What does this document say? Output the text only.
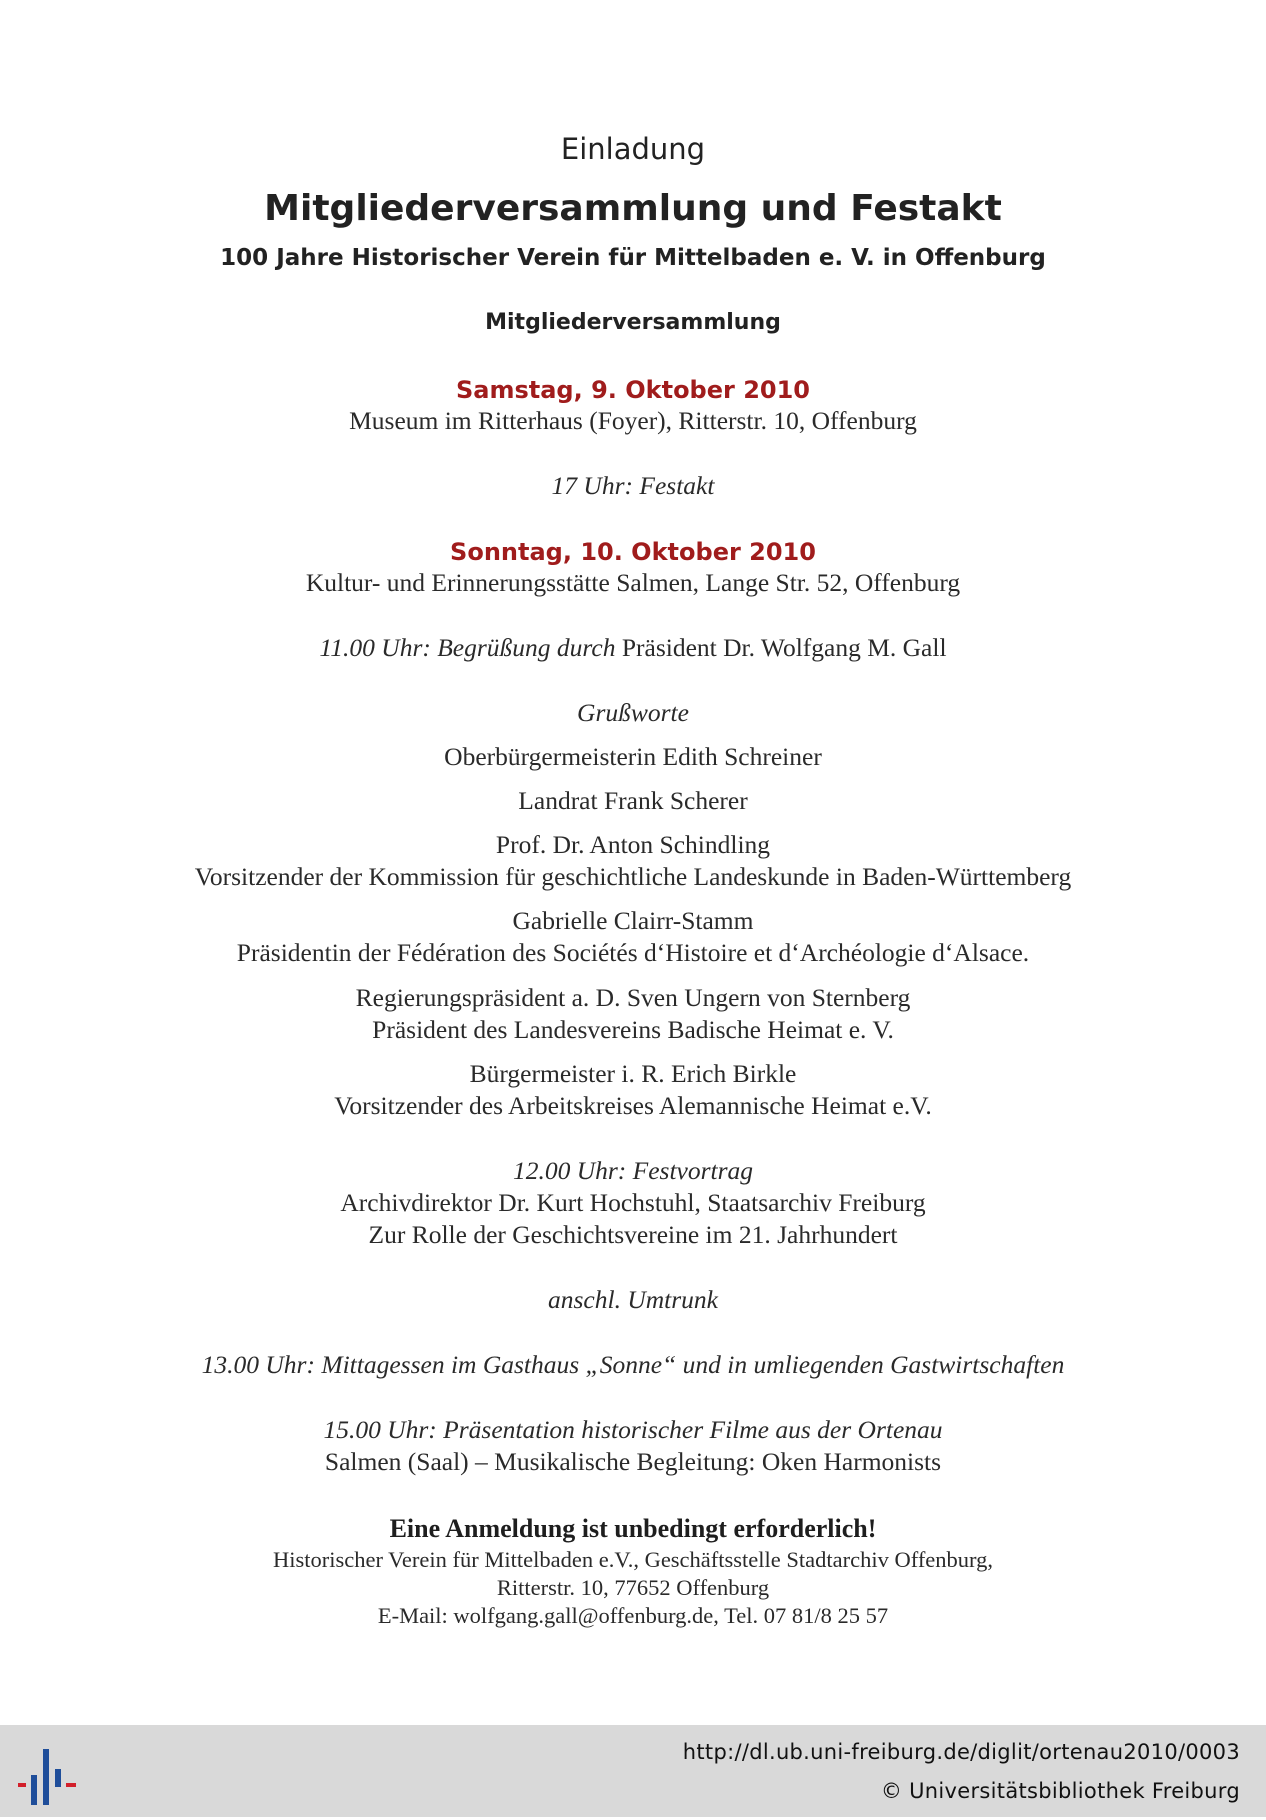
Einladung

Mitgliederversammlung und Festakt

100 Jahre Historischer Verein für Mittelbaden e. V. in Offenburg

Mitgliederversammlung

Samstag, 9. Oktober 2010

Museum im Ritterhaus (Foyer), Ritterstr. 10, Offenburg

17 Uhr: Festakt

Sonntag, 10. Oktober 2010

Kultur- und Erinnerungsstätte Salmen, Lange Str. 52, Offenburg

11.00 Uhr: Begrüßung durch Präsident Dr. Wolfgang M. Gall

Grußworte

Oberbürgermeisterin Edith Schreiner

Landrat Frank Scherer

Prof. Dr. Anton Schindling

Vorsitzender der Kommission für geschichtliche Landeskunde in Baden-Württemberg

Gabrielle Clairr-Stamm

Präsidentin der Fédération des Sociétés d‘Histoire et d‘Archéologie d‘Alsace.

Regierungspräsident a. D. Sven Ungern von Sternberg

Präsident des Landesvereins Badische Heimat e. V.

Bürgermeister i. R. Erich Birkle

Vorsitzender des Arbeitskreises Alemannische Heimat e.V.

12.00 Uhr: Festvortrag

Archivdirektor Dr. Kurt Hochstuhl, Staatsarchiv Freiburg

Zur Rolle der Geschichtsvereine im 21. Jahrhundert

anschl. Umtrunk

13.00 Uhr: Mittagessen im Gasthaus „Sonne“ und in umliegenden Gastwirtschaften

15.00 Uhr: Präsentation historischer Filme aus der Ortenau

Salmen (Saal) – Musikalische Begleitung: Oken Harmonists

Eine Anmeldung ist unbedingt erforderlich!

Historischer Verein für Mittelbaden e.V., Geschäftsstelle Stadtarchiv Offenburg,

Ritterstr. 10, 77652 Offenburg

E-Mail: wolfgang.gall@offenburg.de, Tel. 07 81/8 25 57

http://dl.ub.uni-freiburg.de/diglit/ortenau2010/0003
© Universitätsbibliothek Freiburg
